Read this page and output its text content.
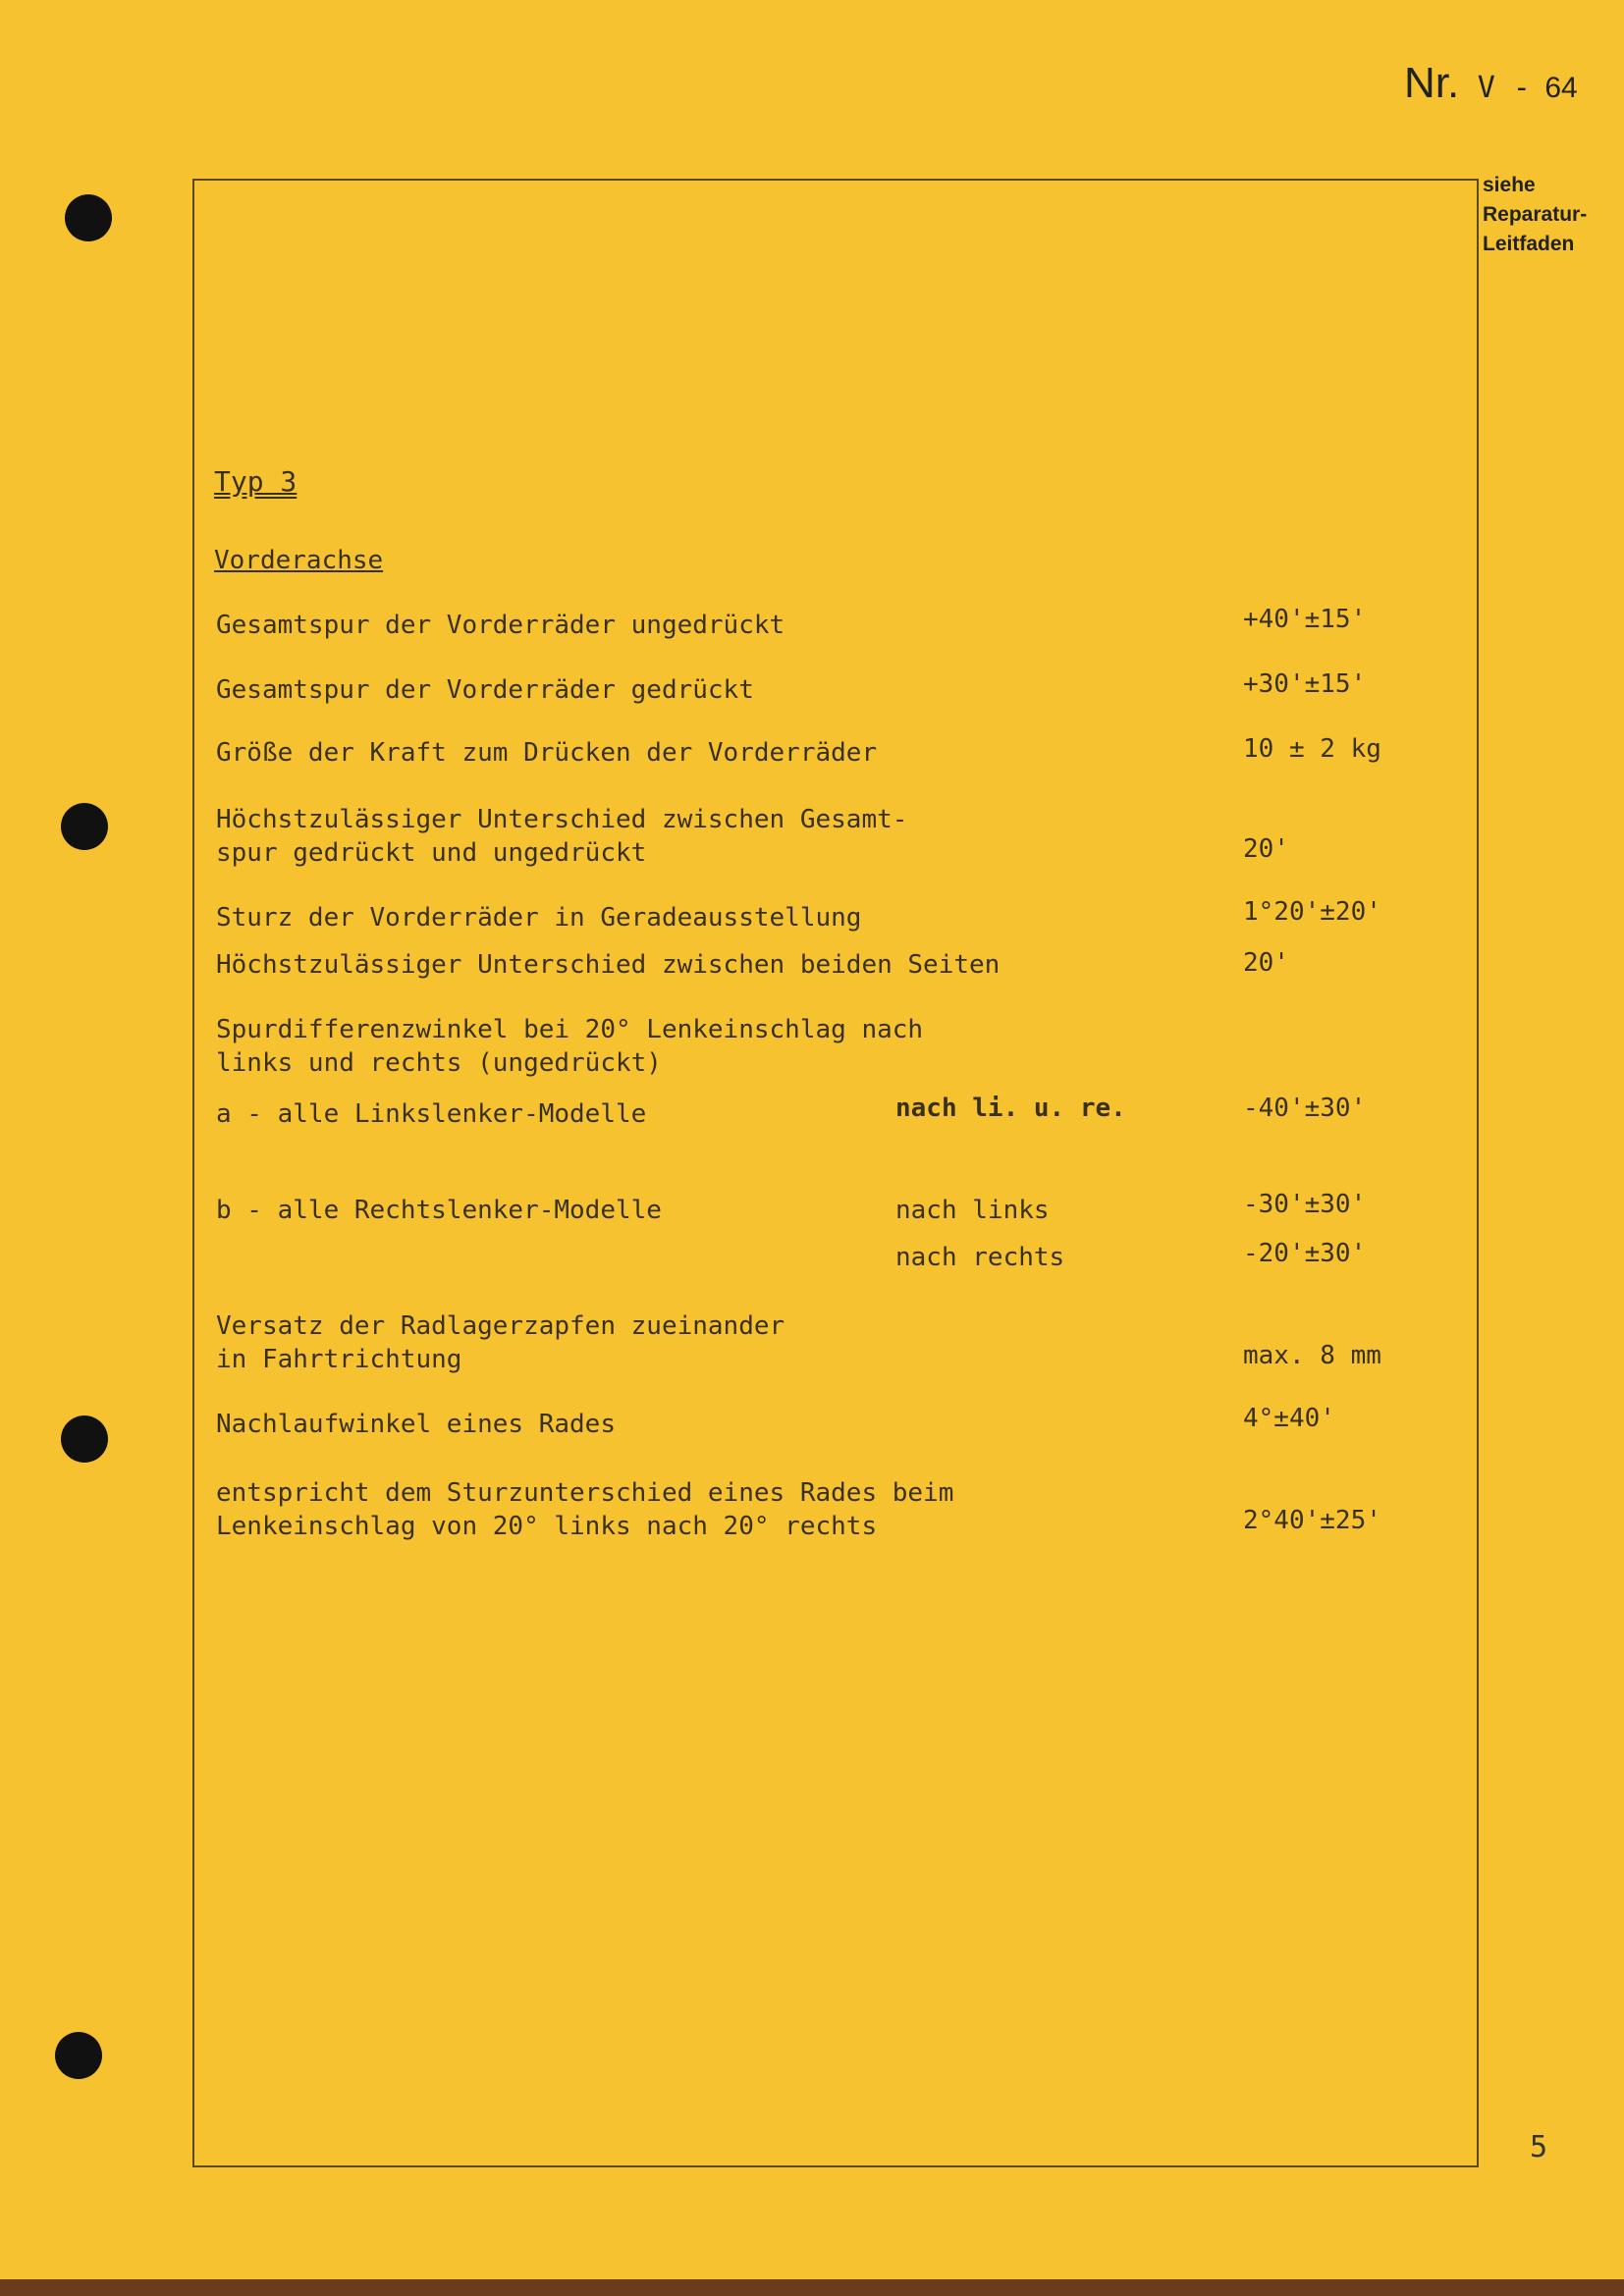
Nr. V - 64
siehe
Reparatur-
Leitfaden
Typ 3
Vorderachse
Gesamtspur der Vorderräder ungedrückt	+40'±15'
Gesamtspur der Vorderräder gedrückt	+30'±15'
Größe der Kraft zum Drücken der Vorderräder	10 ± 2 kg
Höchstzulässiger Unterschied zwischen Gesamt-
spur gedrückt und ungedrückt	20'
Sturz der Vorderräder in Geradeausstellung	1°20'±20'
Höchstzulässiger Unterschied zwischen beiden Seiten	20'
Spurdifferenzwinkel bei 20° Lenkeinschlag nach
links und rechts (ungedrückt)
a - alle Linkslenker-Modelle	nach li. u. re.	-40'±30'
b - alle Rechtslenker-Modelle	nach links	-30'±30'
nach rechts	-20'±30'
Versatz der Radlagerzapfen zueinander
in Fahrtrichtung	max. 8 mm
Nachlaufwinkel eines Rades	4°±40'
entspricht dem Sturzunterschied eines Rades beim
Lenkeinschlag von 20° links nach 20° rechts	2°40'±25'
5
